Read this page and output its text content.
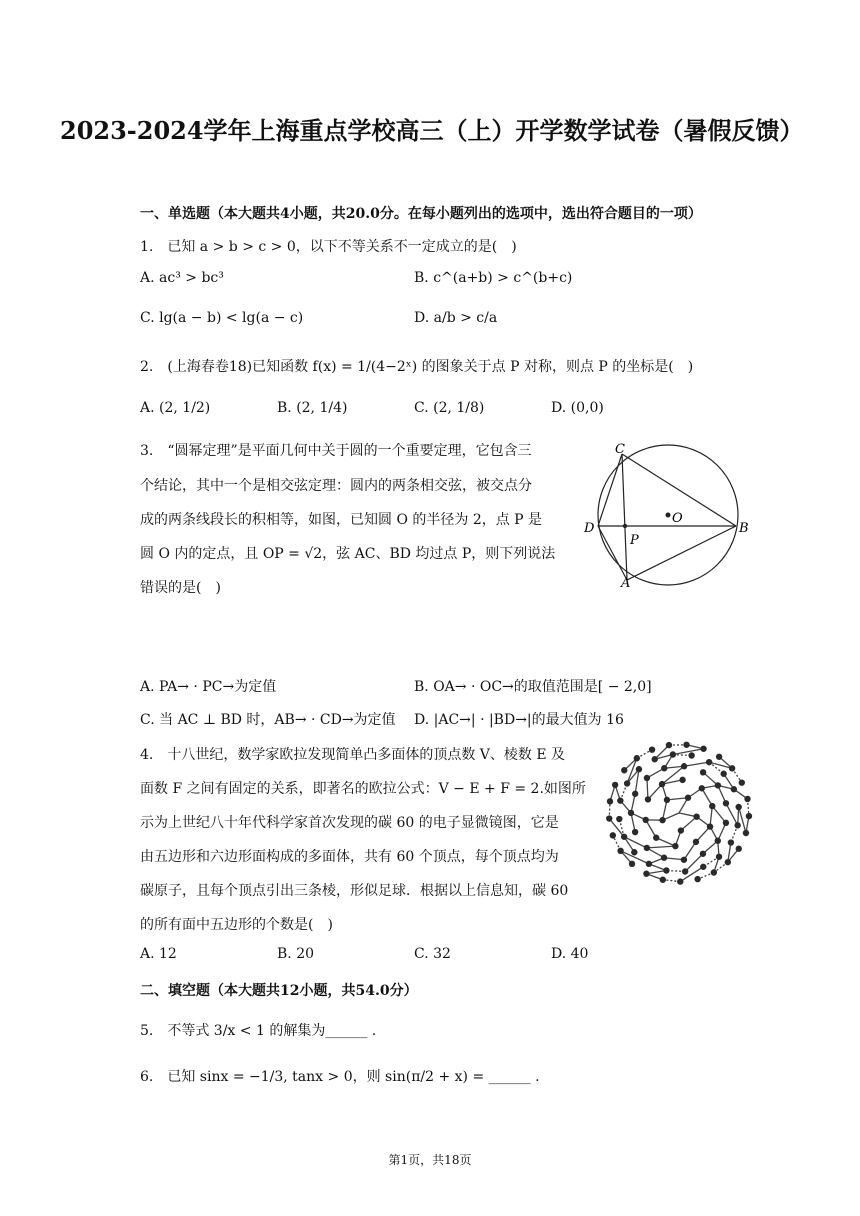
2023-2024学年上海重点学校高三（上）开学数学试卷（暑假反馈）
一、单选题（本大题共4小题，共20.0分。在每小题列出的选项中，选出符合题目的一项）
1.　已知 a > b > c > 0，以下不等关系不一定成立的是(　)
A. ac³ > bc³	B. c^(a+b) > c^(b+c)
C. lg(a − b) < lg(a − c)	D. a/b > c/a
2.　(上海春卷18)已知函数 f(x) = 1/(4−2ˣ) 的图象关于点 P 对称，则点 P 的坐标是(　)
A. (2, 1/2)	B. (2, 1/4)	C. (2, 1/8)	D. (0,0)
3.　“圆幂定理”是平面几何中关于圆的一个重要定理，它包含三
个结论，其中一个是相交弦定理：圆内的两条相交弦，被交点分
成的两条线段长的积相等，如图，已知圆 O 的半径为 2，点 P 是
圆 O 内的定点，且 OP = √2，弦 AC、BD 均过点 P，则下列说法
错误的是(　)
C
D	B
A
P
O
A. PA→ · PC→为定值	B. OA→ · OC→的取值范围是[ − 2,0]
C. 当 AC ⊥ BD 时，AB→ · CD→为定值 D. |AC→| · |BD→|的最大值为 16
4.　十八世纪，数学家欧拉发现简单凸多面体的顶点数 V、棱数 E 及
面数 F 之间有固定的关系，即著名的欧拉公式：V − E + F = 2.如图所
示为上世纪八十年代科学家首次发现的碳 60 的电子显微镜图，它是
由五边形和六边形面构成的多面体，共有 60 个顶点，每个顶点均为
碳原子，且每个顶点引出三条棱，形似足球．根据以上信息知，碳 60
的所有面中五边形的个数是(　)
A. 12	B. 20	C. 32	D. 40
二、填空题（本大题共12小题，共54.0分）
5.　不等式 3/x < 1 的解集为______ .
6.　已知 sinx = −1/3, tanx > 0，则 sin(π/2 + x) = ______ .
第1页，共18页
